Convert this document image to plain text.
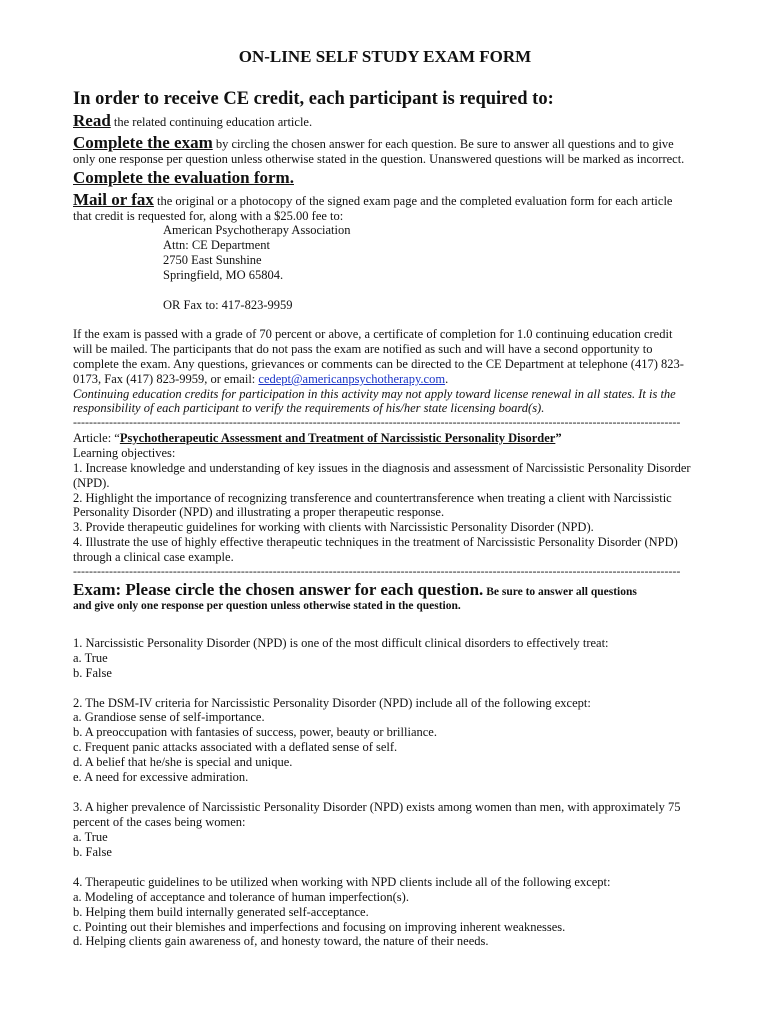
ON-LINE SELF STUDY EXAM FORM
In order to receive CE credit, each participant is required to:
Read the related continuing education article.
Complete the exam by circling the chosen answer for each question. Be sure to answer all questions and to give
only one response per question unless otherwise stated in the question. Unanswered questions will be marked as incorrect.
Complete the evaluation form.
Mail or fax the original or a photocopy of the signed exam page and the completed evaluation form for each article
that credit is requested for, along with a $25.00 fee to:
American Psychotherapy Association
Attn: CE Department
2750 East Sunshine
Springfield, MO 65804.
OR Fax to: 417-823-9959
If the exam is passed with a grade of 70 percent or above, a certificate of completion for 1.0 continuing education credit
will be mailed. The participants that do not pass the exam are notified as such and will have a second opportunity to
complete the exam. Any questions, grievances or comments can be directed to the CE Department at telephone (417) 823-
0173, Fax (417) 823-9959, or email: cedept@americanpsychotherapy.com.
Continuing education credits for participation in this activity may not apply toward license renewal in all states. It is the
responsibility of each participant to verify the requirements of his/her state licensing board(s).
--------------------------------------------------------------------------------------------------------------------------------------------------------
Article: “Psychotherapeutic Assessment and Treatment of Narcissistic Personality Disorder”
Learning objectives:
1. Increase knowledge and understanding of key issues in the diagnosis and assessment of Narcissistic Personality Disorder
(NPD).
2. Highlight the importance of recognizing transference and countertransference when treating a client with Narcissistic
Personality Disorder (NPD) and illustrating a proper therapeutic response.
3. Provide therapeutic guidelines for working with clients with Narcissistic Personality Disorder (NPD).
4. Illustrate the use of highly effective therapeutic techniques in the treatment of Narcissistic Personality Disorder (NPD)
through a clinical case example.
--------------------------------------------------------------------------------------------------------------------------------------------------------
Exam: Please circle the chosen answer for each question. Be sure to answer all questions
and give only one response per question unless otherwise stated in the question.
1. Narcissistic Personality Disorder (NPD) is one of the most difficult clinical disorders to effectively treat:
a. True
b. False
2. The DSM-IV criteria for Narcissistic Personality Disorder (NPD) include all of the following except:
a. Grandiose sense of self-importance.
b. A preoccupation with fantasies of success, power, beauty or brilliance.
c. Frequent panic attacks associated with a deflated sense of self.
d. A belief that he/she is special and unique.
e. A need for excessive admiration.
3. A higher prevalence of Narcissistic Personality Disorder (NPD) exists among women than men, with approximately 75
percent of the cases being women:
a. True
b. False
4. Therapeutic guidelines to be utilized when working with NPD clients include all of the following except:
a. Modeling of acceptance and tolerance of human imperfection(s).
b. Helping them build internally generated self-acceptance.
c. Pointing out their blemishes and imperfections and focusing on improving inherent weaknesses.
d. Helping clients gain awareness of, and honesty toward, the nature of their needs.
